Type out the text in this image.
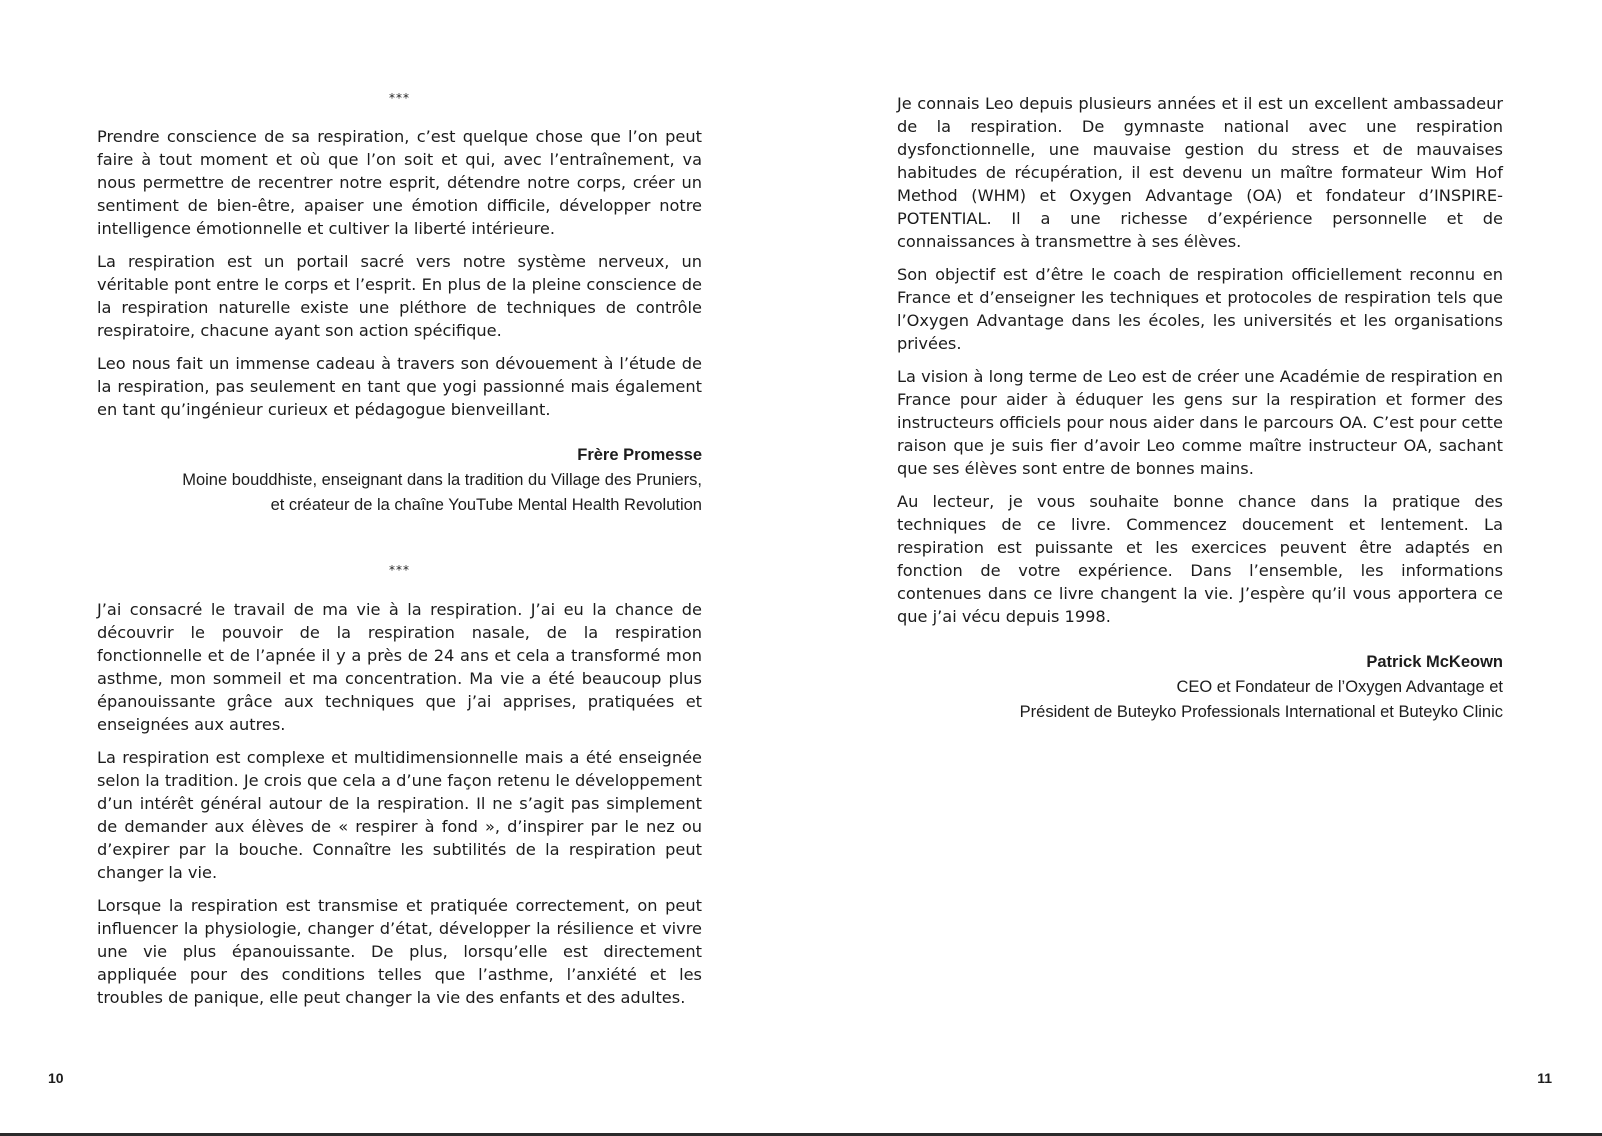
***

Prendre conscience de sa respiration, c’est quelque chose que l’on peut faire à tout moment et où que l’on soit et qui, avec l’entraînement, va nous permettre de recentrer notre esprit, détendre notre corps, créer un sentiment de bien-être, apaiser une émotion difficile, développer notre intelligence émotionnelle et cultiver la liberté intérieure.

La respiration est un portail sacré vers notre système nerveux, un véritable pont entre le corps et l’esprit. En plus de la pleine conscience de la respiration naturelle existe une pléthore de techniques de contrôle respiratoire, chacune ayant son action spécifique.

Leo nous fait un immense cadeau à travers son dévouement à l’étude de la respiration, pas seulement en tant que yogi passionné mais également en tant qu’ingénieur curieux et pédagogue bienveillant.

Frère Promesse
Moine bouddhiste, enseignant dans la tradition du Village des Pruniers,
et créateur de la chaîne YouTube Mental Health Revolution
***

J’ai consacré le travail de ma vie à la respiration. J’ai eu la chance de découvrir le pouvoir de la respiration nasale, de la respiration fonctionnelle et de l’apnée il y a près de 24 ans et cela a transformé mon asthme, mon sommeil et ma concentration. Ma vie a été beaucoup plus épanouissante grâce aux techniques que j’ai apprises, pratiquées et enseignées aux autres.

La respiration est complexe et multidimensionnelle mais a été enseignée selon la tradition. Je crois que cela a d’une façon retenu le développement d’un intérêt général autour de la respiration. Il ne s’agit pas simplement de demander aux élèves de « respirer à fond », d’inspirer par le nez ou d’expirer par la bouche. Connaître les subtilités de la respiration peut changer la vie.

Lorsque la respiration est transmise et pratiquée correctement, on peut influencer la physiologie, changer d’état, développer la résilience et vivre une vie plus épanouissante. De plus, lorsqu’elle est directement appliquée pour des conditions telles que l’asthme, l’anxiété et les troubles de panique, elle peut changer la vie des enfants et des adultes.

Je connais Leo depuis plusieurs années et il est un excellent ambassadeur de la respiration. De gymnaste national avec une respiration dysfonctionnelle, une mauvaise gestion du stress et de mauvaises habitudes de récupération, il est devenu un maître formateur Wim Hof Method (WHM) et Oxygen Advantage (OA) et fondateur d’INSPIRE-POTENTIAL. Il a une richesse d’expérience personnelle et de connaissances à transmettre à ses élèves.

Son objectif est d’être le coach de respiration officiellement reconnu en France et d’enseigner les techniques et protocoles de respiration tels que l’Oxygen Advantage dans les écoles, les universités et les organisations privées.

La vision à long terme de Leo est de créer une Académie de respiration en France pour aider à éduquer les gens sur la respiration et former des instructeurs officiels pour nous aider dans le parcours OA. C’est pour cette raison que je suis fier d’avoir Leo comme maître instructeur OA, sachant que ses élèves sont entre de bonnes mains.

Au lecteur, je vous souhaite bonne chance dans la pratique des techniques de ce livre. Commencez doucement et lentement. La respiration est puissante et les exercices peuvent être adaptés en fonction de votre expérience. Dans l’ensemble, les informations contenues dans ce livre changent la vie. J’espère qu’il vous apportera ce que j’ai vécu depuis 1998.

Patrick McKeown
CEO et Fondateur de l’Oxygen Advantage et
Président de Buteyko Professionals International et Buteyko Clinic
10	11
